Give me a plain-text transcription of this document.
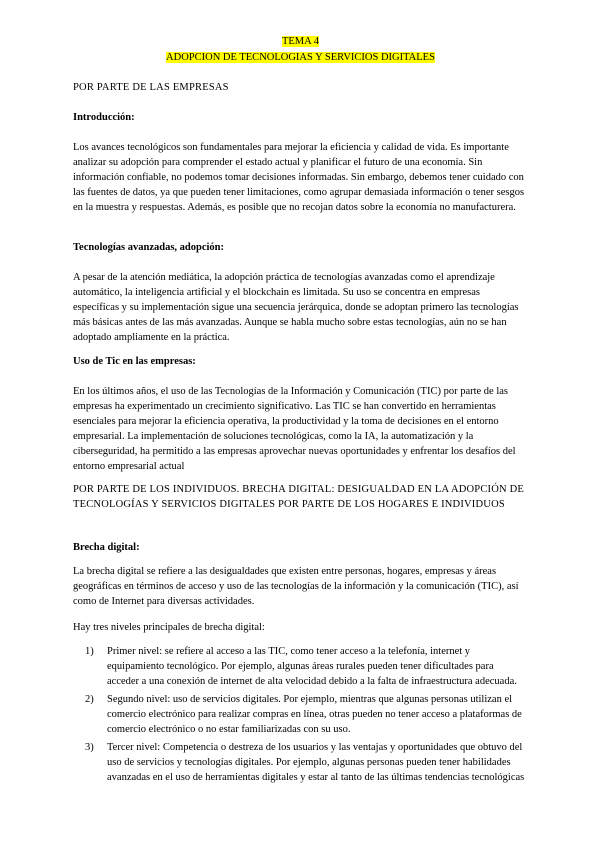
TEMA 4
ADOPCION DE TECNOLOGIAS Y SERVICIOS DIGITALES
POR PARTE DE LAS EMPRESAS
Introducción:

Los avances tecnológicos son fundamentales para mejorar la eficiencia y calidad de vida. Es importante analizar su adopción para comprender el estado actual y planificar el futuro de una economía. Sin información confiable, no podemos tomar decisiones informadas. Sin embargo, debemos tener cuidado con las fuentes de datos, ya que pueden tener limitaciones, como agrupar demasiada información o tener sesgos en la muestra y respuestas. Además, es posible que no recojan datos sobre la economía no manufacturera.

Tecnologías avanzadas, adopción:

A pesar de la atención mediática, la adopción práctica de tecnologías avanzadas como el aprendizaje automático, la inteligencia artificial y el blockchain es limitada. Su uso se concentra en empresas específicas y su implementación sigue una secuencia jerárquica, donde se adoptan primero las tecnologías más básicas antes de las más avanzadas. Aunque se habla mucho sobre estas tecnologías, aún no se han adoptado ampliamente en la práctica.

Uso de Tic en las empresas:

En los últimos años, el uso de las Tecnologías de la Información y Comunicación (TIC) por parte de las empresas ha experimentado un crecimiento significativo. Las TIC se han convertido en herramientas esenciales para mejorar la eficiencia operativa, la productividad y la toma de decisiones en el entorno empresarial. La implementación de soluciones tecnológicas, como la IA, la automatización y la ciberseguridad, ha permitido a las empresas aprovechar nuevas oportunidades y enfrentar los desafíos del entorno empresarial actual

POR PARTE DE LOS INDIVIDUOS. BRECHA DIGITAL: DESIGUALDAD EN LA ADOPCIÓN DE TECNOLOGÍAS Y SERVICIOS DIGITALES POR PARTE DE LOS HOGARES E INDIVIDUOS
Brecha digital:

La brecha digital se refiere a las desigualdades que existen entre personas, hogares, empresas y áreas geográficas en términos de acceso y uso de las tecnologías de la información y la comunicación (TIC), así como de Internet para diversas actividades.

Hay tres niveles principales de brecha digital:

1) Primer nivel: se refiere al acceso a las TIC, como tener acceso a la telefonía, internet y equipamiento tecnológico. Por ejemplo, algunas áreas rurales pueden tener dificultades para acceder a una conexión de internet de alta velocidad debido a la falta de infraestructura adecuada.
2) Segundo nivel: uso de servicios digitales. Por ejemplo, mientras que algunas personas utilizan el comercio electrónico para realizar compras en línea, otras pueden no tener acceso a plataformas de comercio electrónico o no estar familiarizadas con su uso.
3) Tercer nivel: Competencia o destreza de los usuarios y las ventajas y oportunidades que obtuvo del uso de servicios y tecnologías digitales. Por ejemplo, algunas personas pueden tener habilidades avanzadas en el uso de herramientas digitales y estar al tanto de las últimas tendencias tecnológicas
